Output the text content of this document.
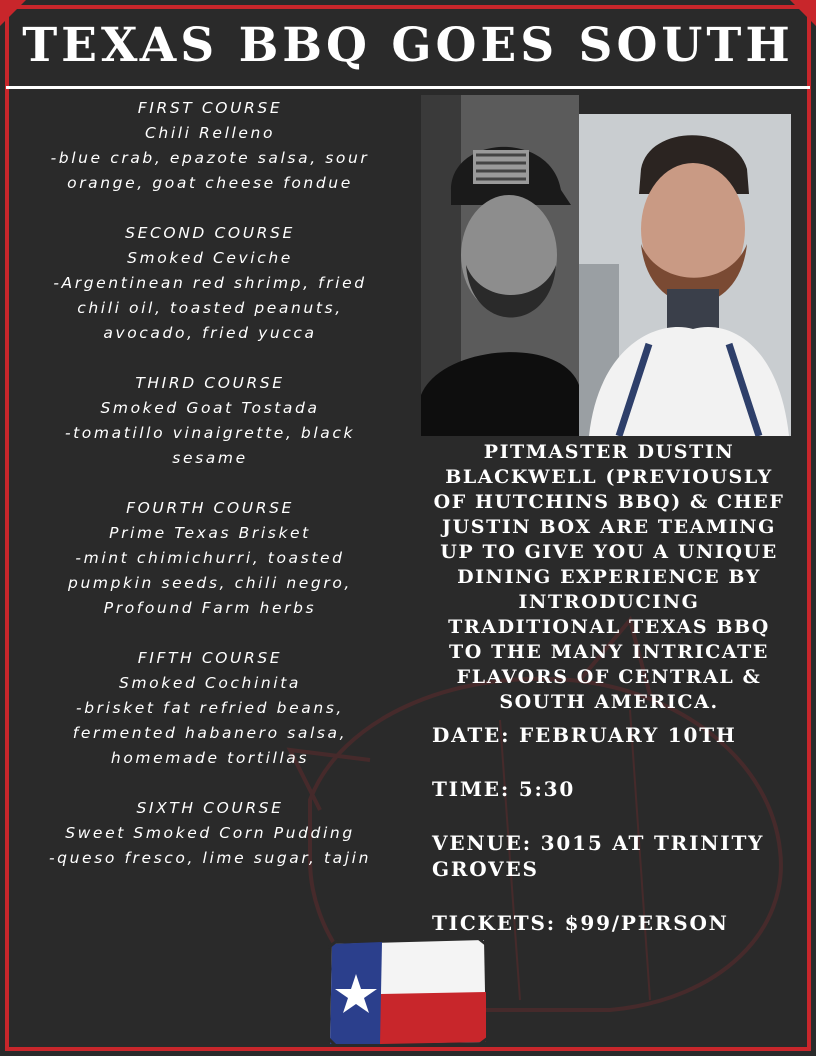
TEXAS BBQ GOES SOUTH
FIRST COURSE
Chili Relleno
-blue crab, epazote salsa, sour orange, goat cheese fondue
SECOND COURSE
Smoked Ceviche
-Argentinean red shrimp, fried chili oil, toasted peanuts, avocado, fried yucca
THIRD COURSE
Smoked Goat Tostada
-tomatillo vinaigrette, black sesame
FOURTH COURSE
Prime Texas Brisket
-mint chimichurri, toasted pumpkin seeds, chili negro, Profound Farm herbs
FIFTH COURSE
Smoked Cochinita
-brisket fat refried beans, fermented habanero salsa, homemade tortillas
SIXTH COURSE
Sweet Smoked Corn Pudding
-queso fresco, lime sugar, tajin

PITMASTER DUSTIN BLACKWELL (PREVIOUSLY OF HUTCHINS BBQ) & CHEF JUSTIN BOX ARE TEAMING UP TO GIVE YOU A UNIQUE DINING EXPERIENCE BY INTRODUCING TRADITIONAL TEXAS BBQ TO THE MANY INTRICATE FLAVORS OF CENTRAL & SOUTH AMERICA.

DATE: FEBRUARY 10TH
TIME: 5:30
VENUE: 3015 AT TRINITY GROVES
TICKETS: $99/PERSON
